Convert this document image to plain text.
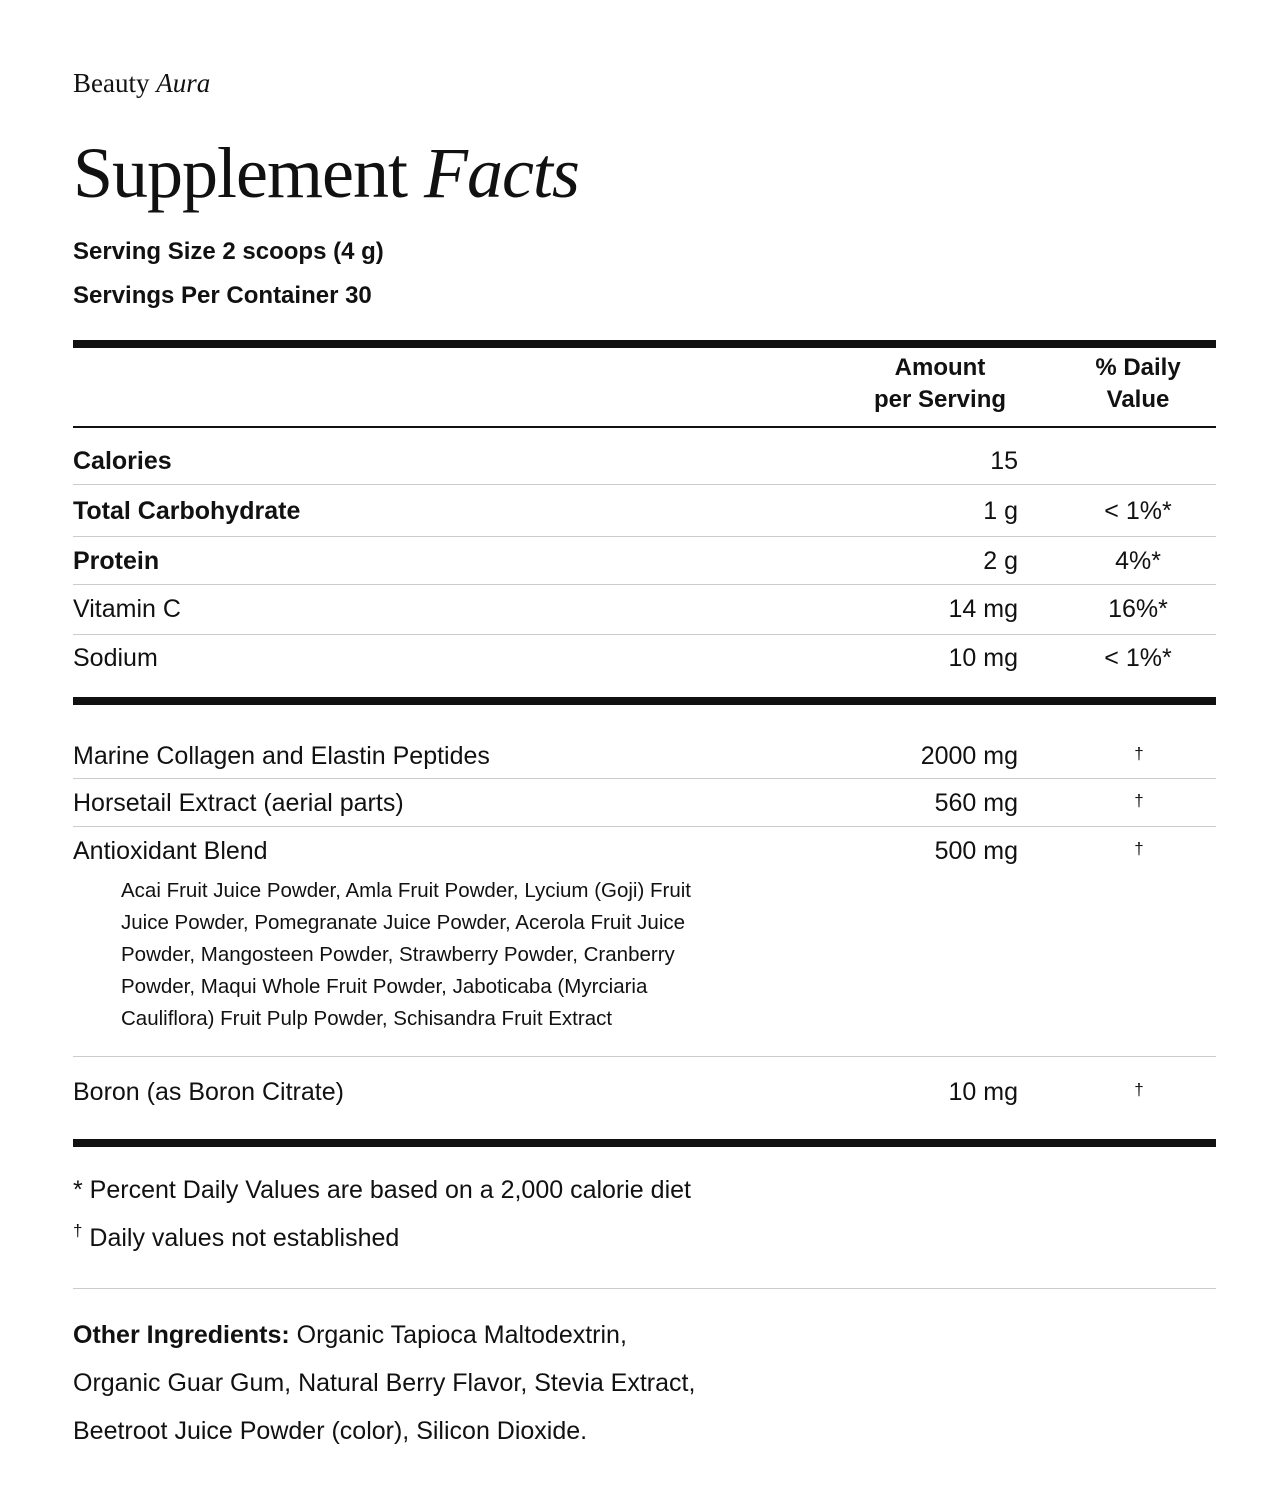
Beauty Aura
Supplement Facts
Serving Size 2 scoops (4 g)
Servings Per Container 30
Amount
per Serving
% Daily
Value
Calories	15
Total Carbohydrate	1 g	< 1%*
Protein	2 g	4%*
Vitamin C	14 mg	16%*
Sodium	10 mg	< 1%*
Marine Collagen and Elastin Peptides	2000 mg	†
Horsetail Extract (aerial parts)	560 mg	†
Antioxidant Blend	500 mg	†
Acai Fruit Juice Powder, Amla Fruit Powder, Lycium (Goji) Fruit
Juice Powder, Pomegranate Juice Powder, Acerola Fruit Juice
Powder, Mangosteen Powder, Strawberry Powder, Cranberry
Powder, Maqui Whole Fruit Powder, Jaboticaba (Myrciaria
Cauliflora) Fruit Pulp Powder, Schisandra Fruit Extract
Boron (as Boron Citrate)	10 mg	†
* Percent Daily Values are based on a 2,000 calorie diet
† Daily values not established
Other Ingredients: Organic Tapioca Maltodextrin,
Organic Guar Gum, Natural Berry Flavor, Stevia Extract,
Beetroot Juice Powder (color), Silicon Dioxide.
